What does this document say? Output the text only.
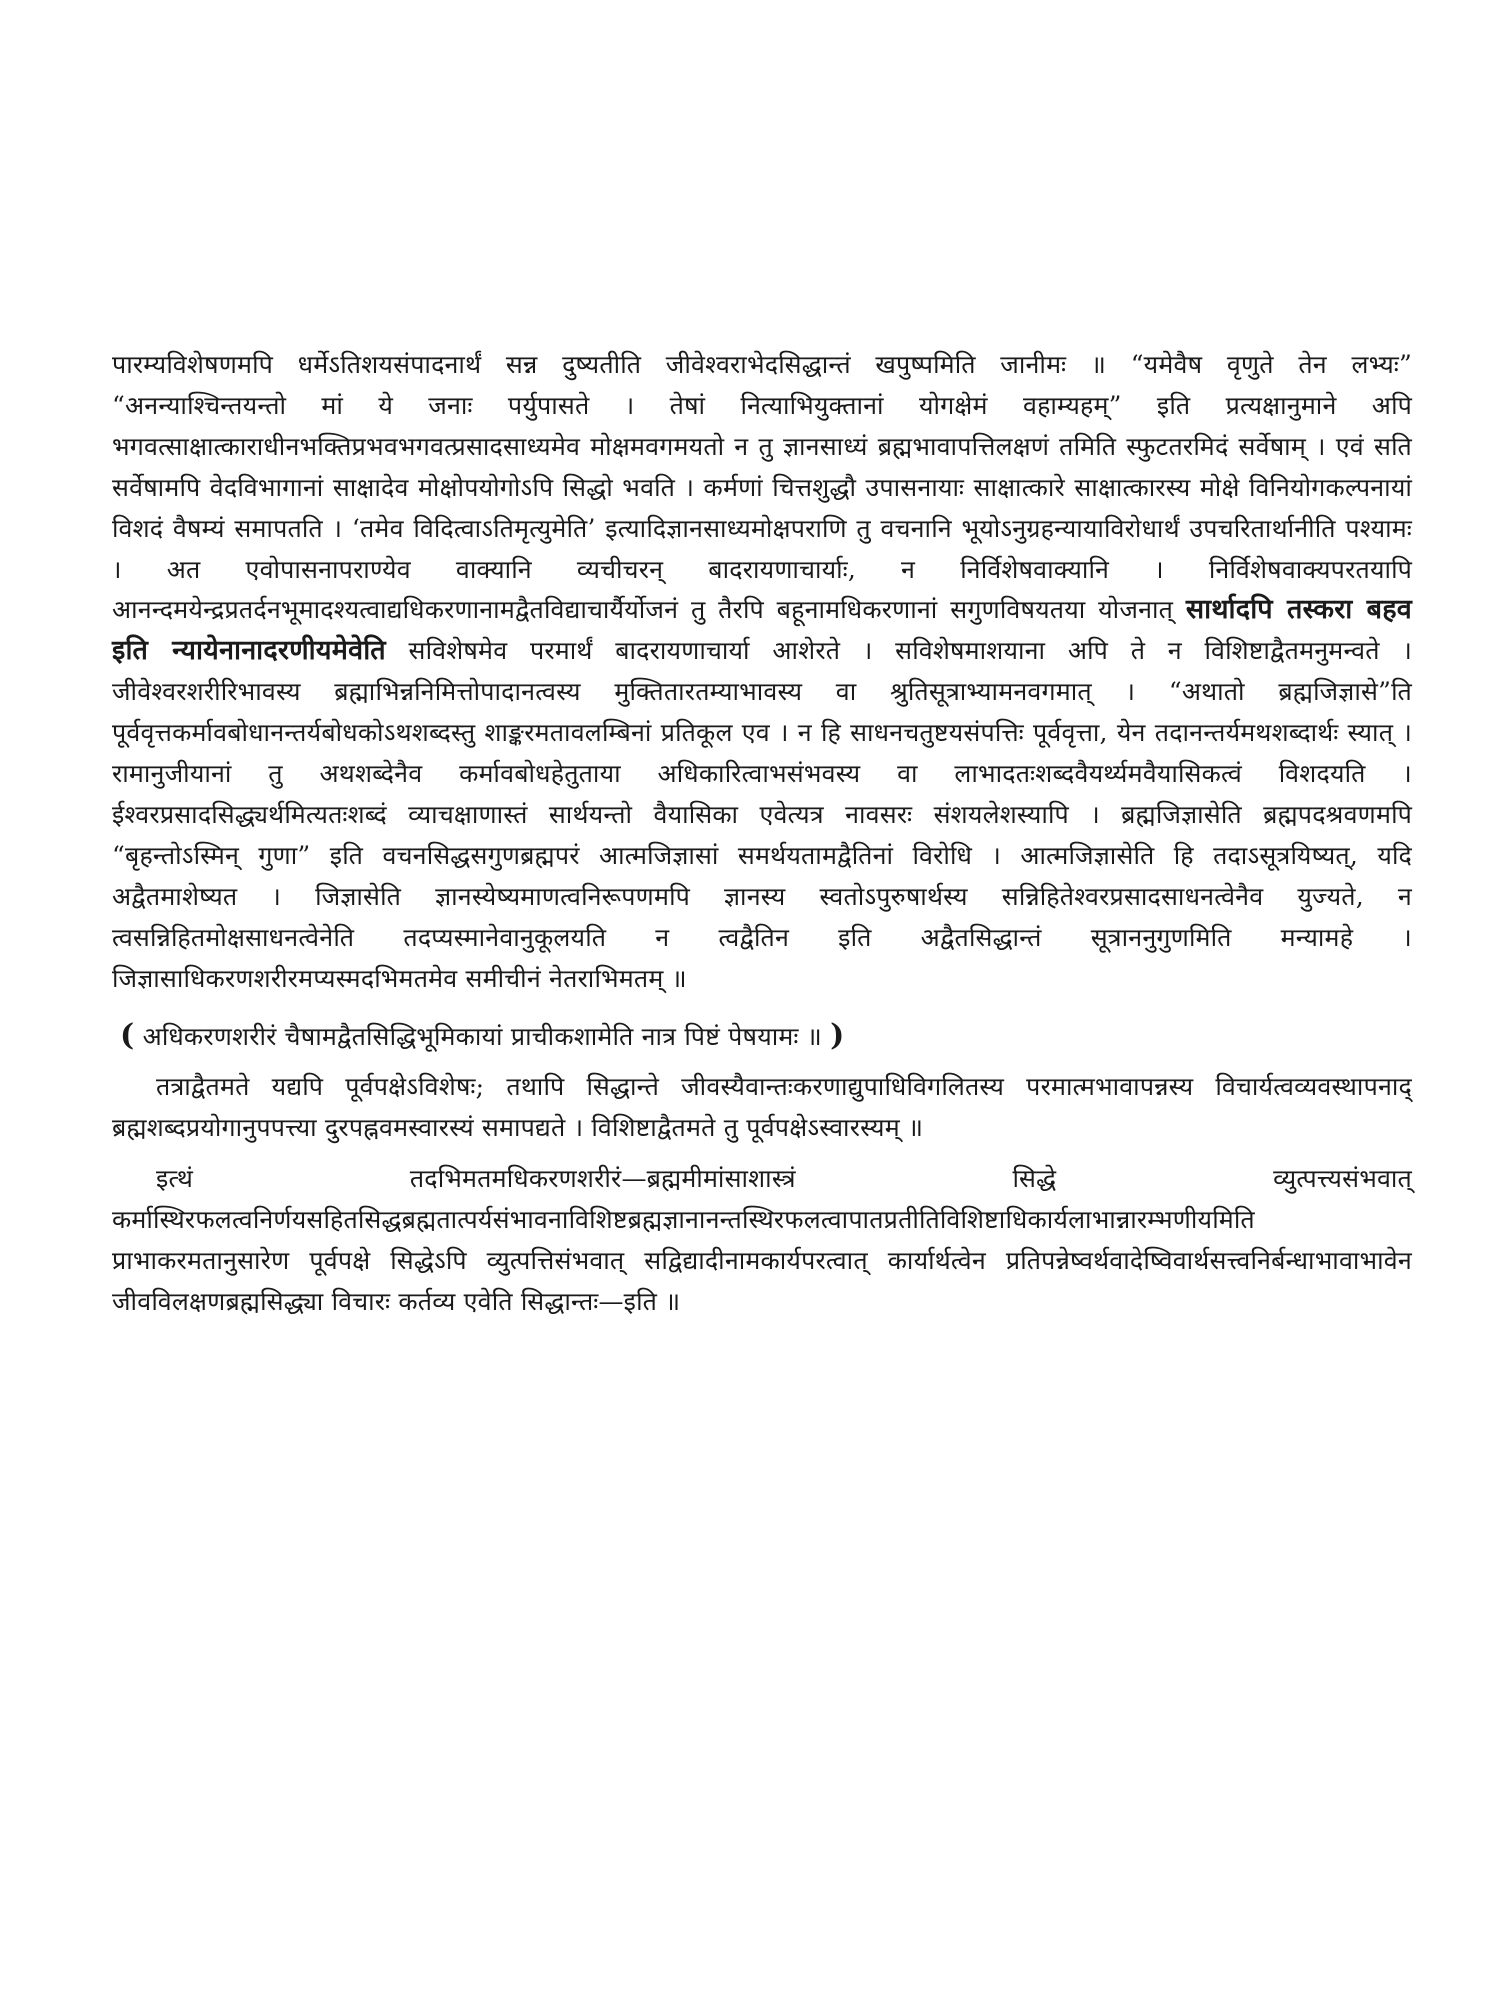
पारम्यविशेषणमपि धर्मेऽतिशयसंपादनार्थं सन्न दुष्यतीति जीवेश्वराभेदसिद्धान्तं खपुष्पमिति जानीमः ॥ “यमेवैष वृणुते तेन लभ्यः” “अनन्याश्चिन्तयन्तो मां ये जनाः पर्युपासते । तेषां नित्याभियुक्तानां योगक्षेमं वहाम्यहम्” इति प्रत्यक्षानुमाने अपि भगवत्साक्षात्काराधीनभक्तिप्रभवभगवत्प्रसादसाध्यमेव मोक्षमवगमयतो न तु ज्ञानसाध्यं ब्रह्मभावापत्तिलक्षणं तमिति स्फुटतरमिदं सर्वेषाम् । एवं सति सर्वेषामपि वेदविभागानां साक्षादेव मोक्षोपयोगोऽपि सिद्धो भवति । कर्मणां चित्तशुद्धौ उपासनायाः साक्षात्कारे साक्षात्कारस्य मोक्षे विनियोगकल्पनायां विशदं वैषम्यं समापतति । ‘तमेव विदित्वाऽतिमृत्युमेति’ इत्यादिज्ञानसाध्यमोक्षपराणि तु वचनानि भूयोऽनुग्रहन्यायाविरोधार्थं उपचरितार्थानीति पश्यामः । अत एवोपासनापराण्येव वाक्यानि व्यचीचरन् बादरायणाचार्याः, न निर्विशेषवाक्यानि । निर्विशेषवाक्यपरतयापि आनन्दमयेन्द्रप्रतर्दनभूमादश्यत्वाद्यधिकरणानामद्वैतविद्याचार्यैर्योजनं तु तैरपि बहूनामधिकरणानां सगुणविषयतया योजनात् सार्थादपि तस्करा बहव इति न्यायेनानादरणीयमेवेति सविशेषमेव परमार्थं बादरायणाचार्या आशेरते । सविशेषमाशयाना अपि ते न विशिष्टाद्वैतमनुमन्वते । जीवेश्वरशरीरिभावस्य ब्रह्माभिन्ननिमित्तोपादानत्वस्य मुक्तितारतम्याभावस्य वा श्रुतिसूत्राभ्यामनवगमात् । “अथातो ब्रह्मजिज्ञासे”ति पूर्ववृत्तकर्मावबोधानन्तर्यबोधकोऽथशब्दस्तु शाङ्करमतावलम्बिनां प्रतिकूल एव । न हि साधनचतुष्टयसंपत्तिः पूर्ववृत्ता, येन तदानन्तर्यमथशब्दार्थः स्यात् । रामानुजीयानां तु अथशब्देनैव कर्मावबोधहेतुताया अधिकारित्वाभसंभवस्य वा लाभादतःशब्दवैयर्थ्यमवैयासिकत्वं विशदयति । ईश्वरप्रसादसिद्ध्यर्थमित्यतःशब्दं व्याचक्षाणास्तं सार्थयन्तो वैयासिका एवेत्यत्र नावसरः संशयलेशस्यापि । ब्रह्मजिज्ञासेति ब्रह्मपदश्रवणमपि “बृहन्तोऽस्मिन् गुणा” इति वचनसिद्धसगुणब्रह्मपरं आत्मजिज्ञासां समर्थयतामद्वैतिनां विरोधि । आत्मजिज्ञासेति हि तदाऽसूत्रयिष्यत्, यदि अद्वैतमाशेष्यत । जिज्ञासेति ज्ञानस्येष्यमाणत्वनिरूपणमपि ज्ञानस्य स्वतोऽपुरुषार्थस्य सन्निहितेश्वरप्रसादसाधनत्वेनैव युज्यते, न त्वसन्निहितमोक्षसाधनत्वेनेति तदप्यस्मानेवानुकूलयति न त्वद्वैतिन इति अद्वैतसिद्धान्तं सूत्राननुगुणमिति मन्यामहे । जिज्ञासाधिकरणशरीरमप्यस्मदभिमतमेव समीचीनं नेतराभिमतम् ॥

( अधिकरणशरीरं चैषामद्वैतसिद्धिभूमिकायां प्राचीकशामेति नात्र पिष्टं पेषयामः ॥ )

तत्राद्वैतमते यद्यपि पूर्वपक्षेऽविशेषः; तथापि सिद्धान्ते जीवस्यैवान्तःकरणाद्युपाधिविगलितस्य परमात्मभावापन्नस्य विचार्यत्वव्यवस्थापनाद् ब्रह्मशब्दप्रयोगानुपपत्त्या दुरपह्नवमस्वारस्यं समापद्यते । विशिष्टाद्वैतमते तु पूर्वपक्षेऽस्वारस्यम् ॥

इत्थं तदभिमतमधिकरणशरीरं—ब्रह्ममीमांसाशास्त्रं सिद्धे व्युत्पत्त्यसंभवात् कर्मास्थिरफलत्वनिर्णयसहितसिद्धब्रह्मतात्पर्यसंभावनाविशिष्टब्रह्मज्ञानानन्तस्थिरफलत्वापातप्रतीतिविशिष्टाधिकार्यलाभान्नारम्भणीयमिति प्राभाकरमतानुसारेण पूर्वपक्षे सिद्धेऽपि व्युत्पत्तिसंभवात् सद्विद्यादीनामकार्यपरत्वात् कार्यार्थत्वेन प्रतिपन्नेष्वर्थवादेष्विवार्थसत्त्वनिर्बन्धाभावाभावेन जीवविलक्षणब्रह्मसिद्ध्या विचारः कर्तव्य एवेति सिद्धान्तः—इति ॥
